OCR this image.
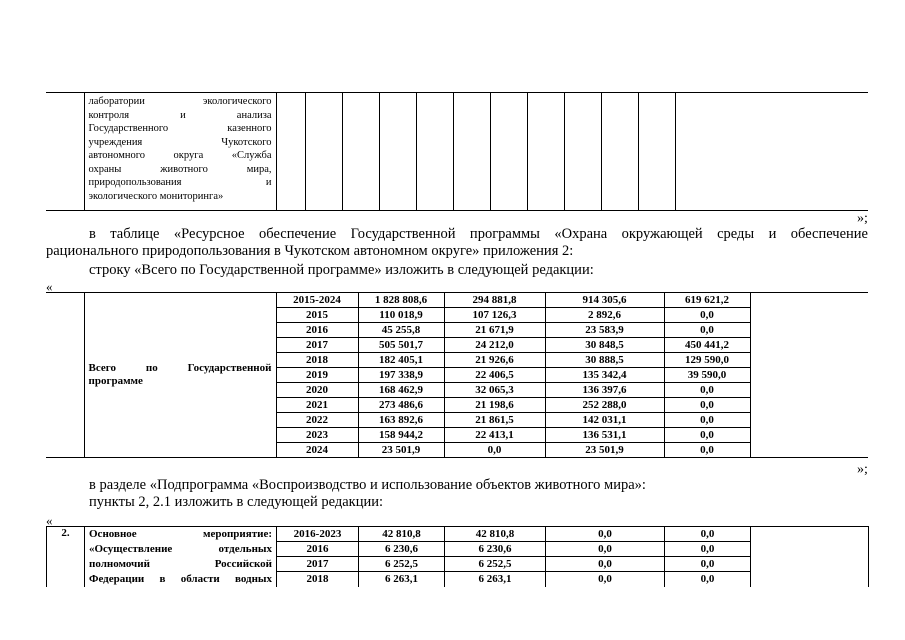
лаборатории экологического
контроля и анализа
Государственного казенного
учреждения Чукотского
автономного округа «Служба
охраны животного мира,
природопользования и
экологического мониторинга»

»;
в таблице «Ресурсное обеспечение Государственной программы «Охрана окружающей среды и обеспечение
рационального природопользования в Чукотском автономном округе» приложения 2:
строку «Всего по Государственной программе» изложить в следующей редакции:
«

	Всего по Государственной
программе	2015-2024	1 828 808,6	294 881,8	914 305,6	619 621,2	
		2015	110 018,9	107 126,3	2 892,6	0,0	
		2016	45 255,8	21 671,9	23 583,9	0,0	
		2017	505 501,7	24 212,0	30 848,5	450 441,2	
		2018	182 405,1	21 926,6	30 888,5	129 590,0	
		2019	197 338,9	22 406,5	135 342,4	39 590,0	
		2020	168 462,9	32 065,3	136 397,6	0,0	
		2021	273 486,6	21 198,6	252 288,0	0,0	
		2022	163 892,6	21 861,5	142 031,1	0,0	
		2023	158 944,2	22 413,1	136 531,1	0,0	
		2024	23 501,9	0,0	23 501,9	0,0	
»;
в разделе «Подпрограмма «Воспроизводство и использование объектов животного мира»:
пункты 2, 2.1 изложить в следующей редакции:
«
2.	Основное мероприятие:
«Осуществление отдельных
полномочий Российской
Федерации в области водных	2016-2023	42 810,8	42 810,8	0,0	0,0	
		2016	6 230,6	6 230,6	0,0	0,0	
		2017	6 252,5	6 252,5	0,0	0,0	
		2018	6 263,1	6 263,1	0,0	0,0	
